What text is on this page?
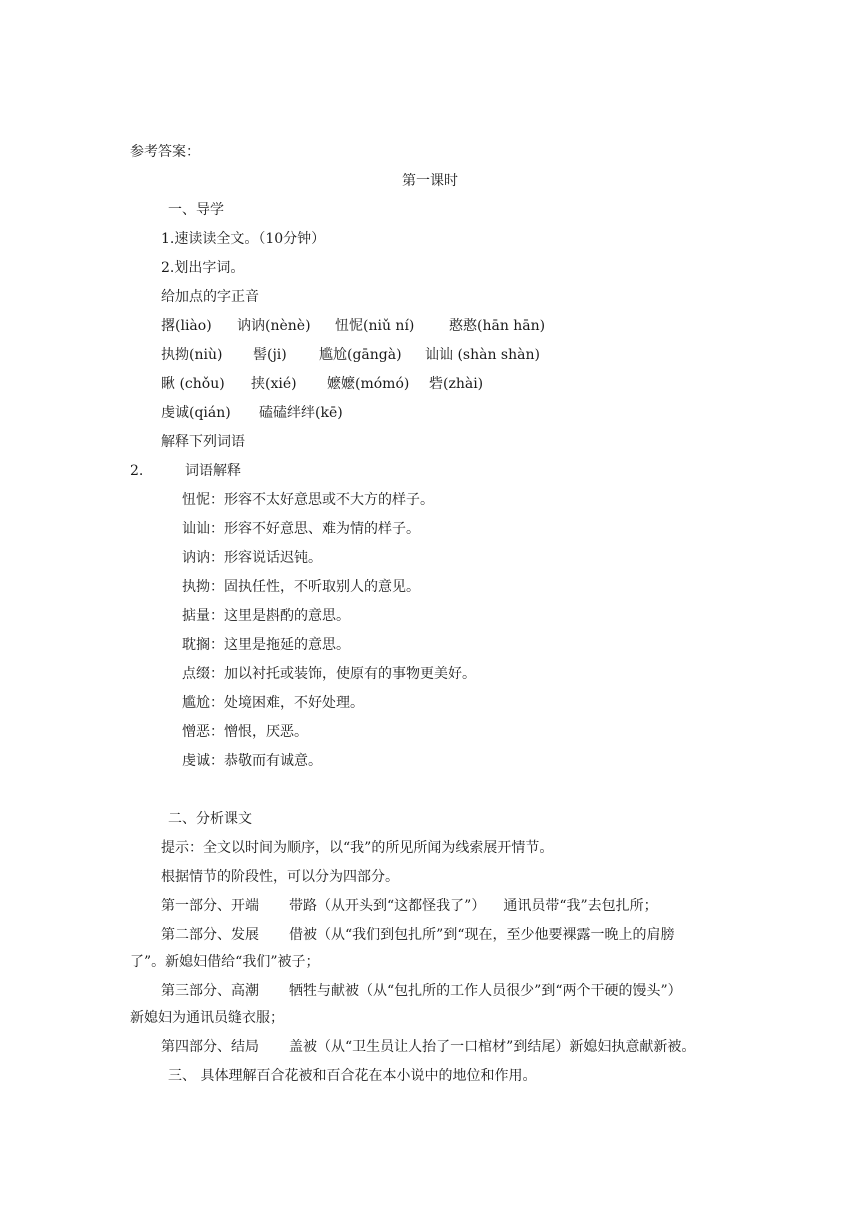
参考答案：
第一课时
一、导学
1.速读读全文。（10分钟）
2.划出字词。
给加点的字正音
撂(liào) 讷讷(nènè) 忸怩(niǔ ní) 憨憨(hān hān)
执拗(niù) 髻(ji) 尴尬(gāngà) 讪讪 (shàn shàn)
瞅 (chǒu) 挟(xié) 嬷嬷(mómó) 砦(zhài)
虔诚(qián) 磕磕绊绊(kē)
解释下列词语
2.	词语解释
忸怩：形容不太好意思或不大方的样子。
讪讪：形容不好意思、难为情的样子。
讷讷：形容说话迟钝。
执拗：固执任性，不听取别人的意见。
掂量：这里是斟酌的意思。
耽搁：这里是拖延的意思。
点缀：加以衬托或装饰，使原有的事物更美好。
尴尬：处境困难，不好处理。
憎恶：憎恨，厌恶。
虔诚：恭敬而有诚意。
二、分析课文
提示：全文以时间为顺序，以“我”的所见所闻为线索展开情节。
根据情节的阶段性，可以分为四部分。
第一部分、开端 带路（从开头到“这都怪我了”） 通讯员带“我”去包扎所；
第二部分、发展 借被（从“我们到包扎所”到“现在，至少他要裸露一晚上的肩膀
了”。新媳妇借给“我们”被子；
第三部分、高潮 牺牲与献被（从“包扎所的工作人员很少”到“两个干硬的馒头”）
新媳妇为通讯员缝衣服；
第四部分、结局 盖被（从“卫生员让人抬了一口棺材”到结尾）新媳妇执意献新被。
三、 具体理解百合花被和百合花在本小说中的地位和作用。
